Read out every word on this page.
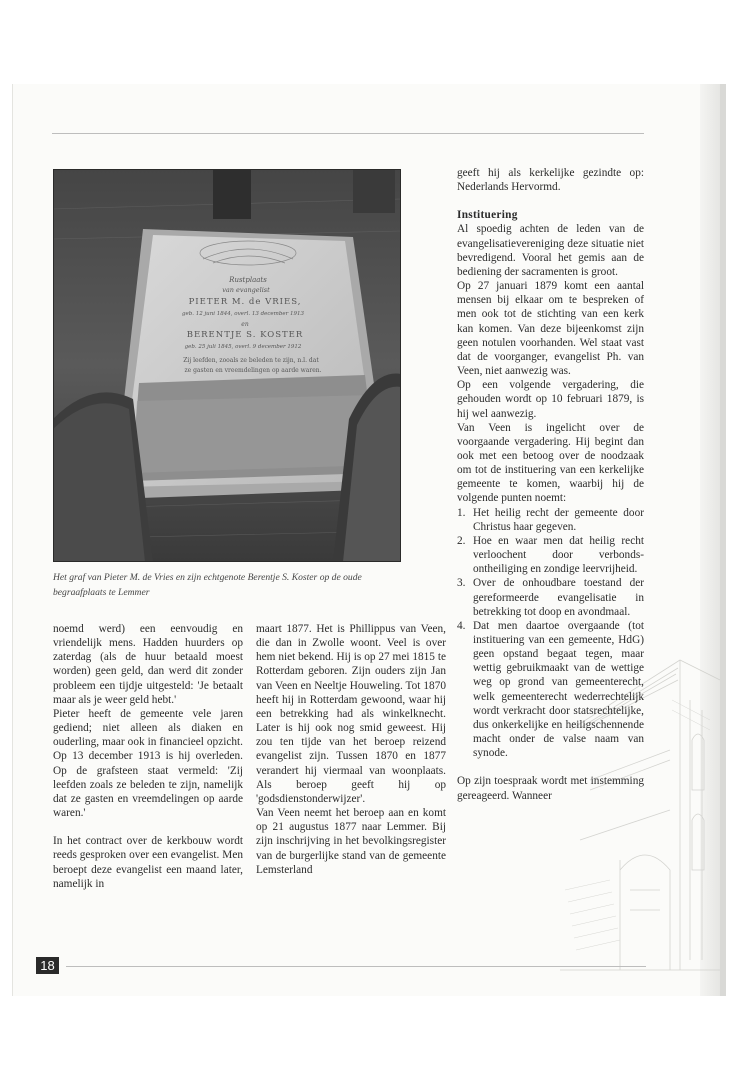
Rustplaats
van evangelist
PIETER M. de VRIES,
geb. 12 juni 1844, overl. 13 december 1913
en
BERENTJE S. KOSTER
geb. 25 juli 1845, overl. 9 december 1912
Zij leefden, zooals ze beleden te zijn, n.l. dat
ze gasten en vreemdelingen op aarde waren.
Het graf van Pieter M. de Vries en zijn echtgenote Berentje S. Koster op de oude
begraafplaats te Lemmer

noemd werd) een eenvoudig en vriendelijk mens. Hadden huurders op zaterdag (als de huur betaald moest worden) geen geld, dan werd dit zonder probleem een tijdje uitgesteld: 'Je betaalt maar als je weer geld hebt.'

Pieter heeft de gemeente vele jaren gediend; niet alleen als diaken en ouderling, maar ook in financieel opzicht. Op 13 december 1913 is hij overleden. Op de grafsteen staat vermeld: 'Zij leefden zoals ze beleden te zijn, namelijk dat ze gasten en vreemdelingen op aarde waren.'

In het contract over de kerkbouw wordt reeds gesproken over een evangelist. Men beroept deze evangelist een maand later, namelijk in

maart 1877. Het is Phillippus van Veen, die dan in Zwolle woont. Veel is over hem niet bekend. Hij is op 27 mei 1815 te Rotterdam geboren. Zijn ouders zijn Jan van Veen en Neeltje Houweling. Tot 1870 heeft hij in Rotterdam gewoond, waar hij een betrekking had als winkelknecht. Later is hij ook nog smid geweest. Hij zou ten tijde van het beroep reizend evangelist zijn. Tussen 1870 en 1877 verandert hij viermaal van woonplaats. Als beroep geeft hij op 'godsdienstonderwijzer'.

Van Veen neemt het beroep aan en komt op 21 augustus 1877 naar Lemmer. Bij zijn inschrijving in het bevolkingsregister van de burgerlijke stand van de gemeente Lemsterland

geeft hij als kerkelijke gezindte op: Nederlands Hervormd.

Instituering

Al spoedig achten de leden van de evangelisatievereniging deze situatie niet bevredigend. Vooral het gemis aan de bediening der sacramenten is groot.

Op 27 januari 1879 komt een aantal mensen bij elkaar om te bespreken of men ook tot de stichting van een kerk kan komen. Van deze bijeenkomst zijn geen notulen voorhanden. Wel staat vast dat de voorganger, evangelist Ph. van Veen, niet aanwezig was.

Op een volgende vergadering, die gehouden wordt op 10 februari 1879, is hij wel aanwezig.

Van Veen is ingelicht over de voorgaande vergadering. Hij begint dan ook met een betoog over de noodzaak om tot de instituering van een kerkelijke gemeente te komen, waarbij hij de volgende punten noemt:

1. Het heilig recht der gemeente door Christus haar gegeven.
2. Hoe en waar men dat heilig recht verloochent door verbonds-ontheiliging en zondige leervrijheid.
3. Over de onhoudbare toestand der gereformeerde evangelisatie in betrekking tot doop en avondmaal.
4. Dat men daartoe overgaande (tot instituering van een gemeente, HdG) geen opstand begaat tegen, maar wettig gebruikmaakt van de wettige weg op grond van gemeenterecht, welk gemeenterecht wederrechtelijk wordt verkracht door statsrechtelijke, dus onkerkelijke en heiligschennende macht onder de valse naam van synode.

Op zijn toespraak wordt met instemming gereageerd. Wanneer

18
